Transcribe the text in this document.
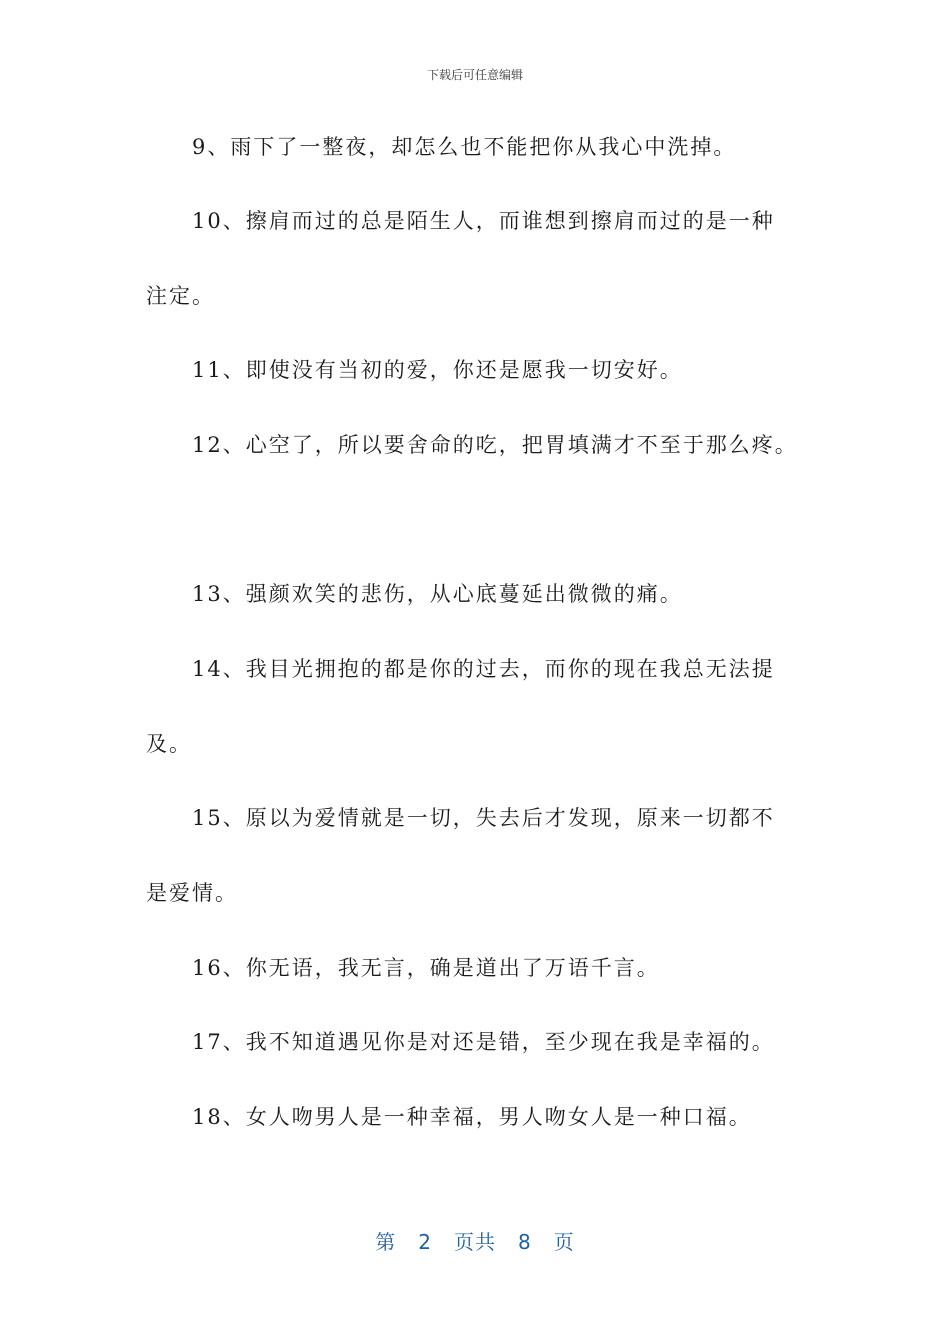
下载后可任意编辑
9、雨下了一整夜，却怎么也不能把你从我心中洗掉。
10、擦肩而过的总是陌生人，而谁想到擦肩而过的是一种
注定。
11、即使没有当初的爱，你还是愿我一切安好。
12、心空了，所以要舍命的吃，把胃填满才不至于那么疼。
13、强颜欢笑的悲伤，从心底蔓延出微微的痛。
14、我目光拥抱的都是你的过去，而你的现在我总无法提
及。
15、原以为爱情就是一切，失去后才发现，原来一切都不
是爱情。
16、你无语，我无言，确是道出了万语千言。
17、我不知道遇见你是对还是错，至少现在我是幸福的。
18、女人吻男人是一种幸福，男人吻女人是一种口福。
第 2 页共 8 页
